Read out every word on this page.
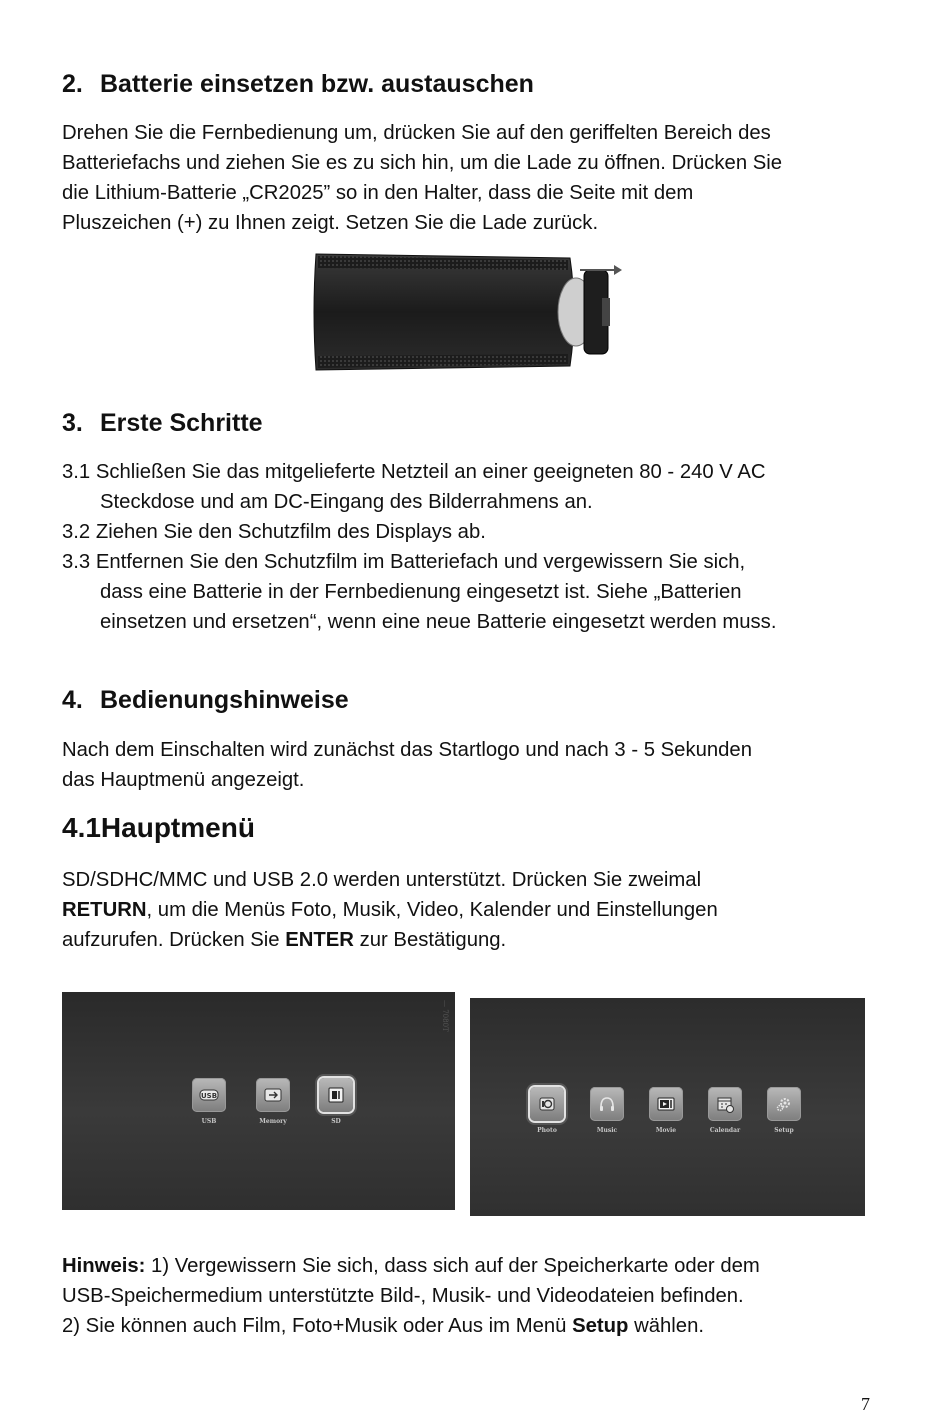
2. Batterie einsetzen bzw. austauschen

Drehen Sie die Fernbedienung um, drücken Sie auf den geriffelten Bereich des
Batteriefachs und ziehen Sie es zu sich hin, um die Lade zu öffnen. Drücken Sie
die Lithium-Batterie „CR2025” so in den Halter, dass die Seite mit dem
Pluszeichen (+) zu Ihnen zeigt. Setzen Sie die Lade zurück.

3. Erste Schritte

3.1 Schließen Sie das mitgelieferte Netzteil an einer geeigneten 80 - 240 V AC
Steckdose und am DC-Eingang des Bilderrahmens an.
3.2 Ziehen Sie den Schutzfilm des Displays ab.
3.3 Entfernen Sie den Schutzfilm im Batteriefach und vergewissern Sie sich,
dass eine Batterie in der Fernbedienung eingesetzt ist. Siehe „Batterien
einsetzen und ersetzen“, wenn eine neue Batterie eingesetzt werden muss.

4. Bedienungshinweise

Nach dem Einschalten wird zunächst das Startlogo und nach 3 - 5 Sekunden
das Hauptmenü angezeigt.

4.1Hauptmenü

SD/SDHC/MMC und USB 2.0 werden unterstützt. Drücken Sie zweimal
RETURN, um die Menüs Foto, Musik, Video, Kalender und Einstellungen
aufzurufen. Drücken Sie ENTER zur Bestätigung.

— 7080T
USB
USB	Memory	SD
Photo	Music	Movie	Calendar	Setup

Hinweis: 1) Vergewissern Sie sich, dass sich auf der Speicherkarte oder dem
USB-Speichermedium unterstützte Bild-, Musik- und Videodateien befinden.
2) Sie können auch Film, Foto+Musik oder Aus im Menü Setup wählen.

7
